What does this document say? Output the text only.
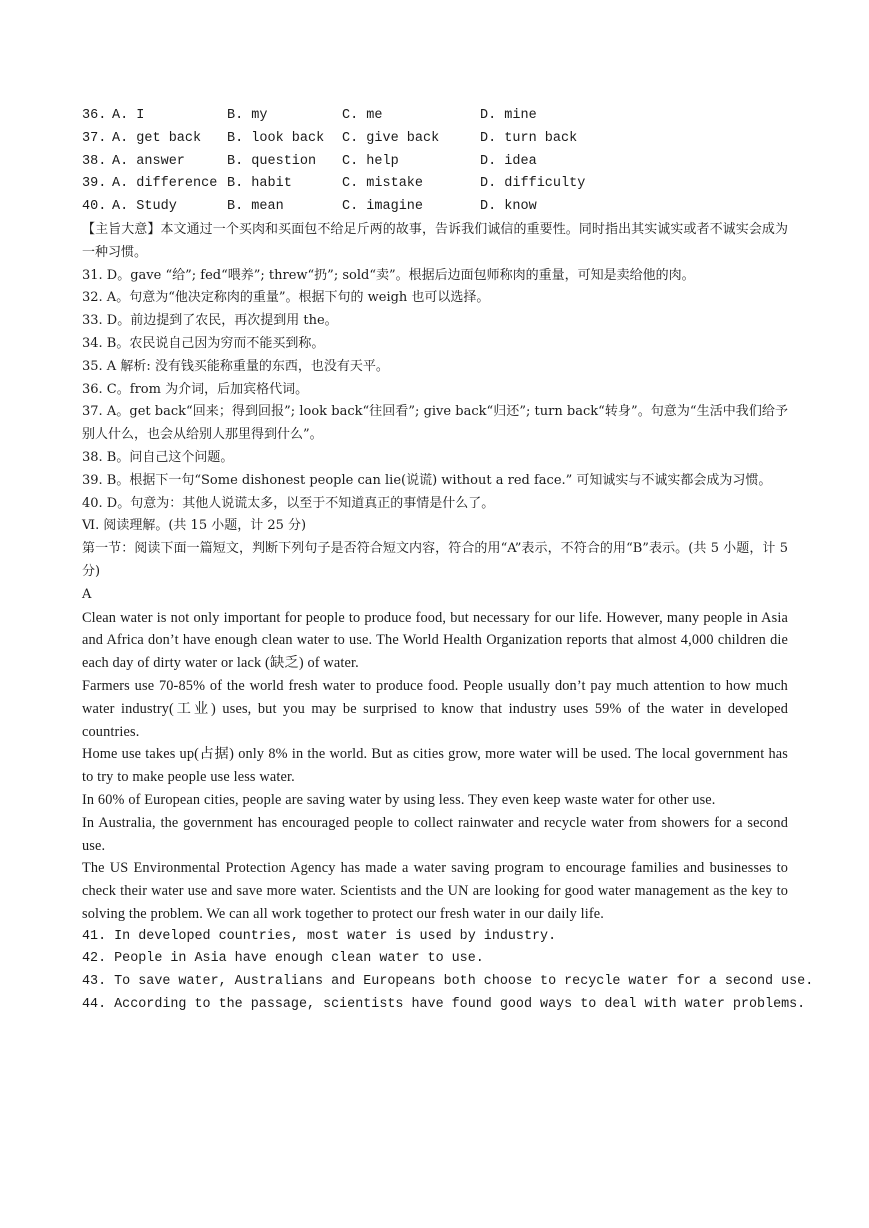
36. A. I	B. my	C. me	D. mine
37. A. get back	B. look back	C. give back	D. turn back
38. A. answer	B. question	C. help	D. idea
39. A. difference B. habit	C. mistake	D. difficulty
40. A. Study	B. mean	C. imagine	D. know

【主旨大意】本文通过一个买肉和买面包不给足斤两的故事，告诉我们诚信的重要性。同时指出其实诚实或者不诚实会成为一种习惯。

31. D。gave “给”; fed“喂养”; threw“扔”; sold“卖”。根据后边面包师称肉的重量，可知是卖给他的肉。

32. A。句意为“他决定称肉的重量”。根据下句的 weigh 也可以选择。

33. D。前边提到了农民，再次提到用 the。

34. B。农民说自己因为穷而不能买到称。

35. A 解析: 没有钱买能称重量的东西，也没有天平。

36. C。from 为介词，后加宾格代词。

37. A。get back“回来；得到回报”; look back“往回看”; give back“归还”; turn back“转身”。句意为“生活中我们给予别人什么，也会从给别人那里得到什么”。

38. B。问自己这个问题。

39. B。根据下一句“Some dishonest people can lie(说谎) without a red face.” 可知诚实与不诚实都会成为习惯。

40. D。句意为：其他人说谎太多，以至于不知道真正的事情是什么了。

Ⅵ. 阅读理解。(共 15 小题，计 25 分)

第一节：阅读下面一篇短文，判断下列句子是否符合短文内容，符合的用“A”表示，不符合的用“B”表示。(共 5 小题，计 5 分)

A

Clean water is not only important for people to produce food, but necessary for our life. However, many people in Asia and Africa don’t have enough clean water to use. The World Health Organization reports that almost 4,000 children die each day of dirty water or lack (缺乏) of water.

Farmers use 70-85% of the world fresh water to produce food. People usually don’t pay much attention to how much water industry(工业) uses, but you may be surprised to know that industry uses 59% of the water in developed countries.

Home use takes up(占据) only 8% in the world. But as cities grow, more water will be used. The local government has to try to make people use less water.

In 60% of European cities, people are saving water by using less. They even keep waste water for other use.

In Australia, the government has encouraged people to collect rainwater and recycle water from showers for a second use.

The US Environmental Protection Agency has made a water saving program to encourage families and businesses to check their water use and save more water. Scientists and the UN are looking for good water management as the key to solving the problem. We can all work together to protect our fresh water in our daily life.

41. In developed countries, most water is used by industry.

42. People in Asia have enough clean water to use.

43. To save water, Australians and Europeans both choose to recycle water for a second use.

44. According to the passage, scientists have found good ways to deal with water problems.
